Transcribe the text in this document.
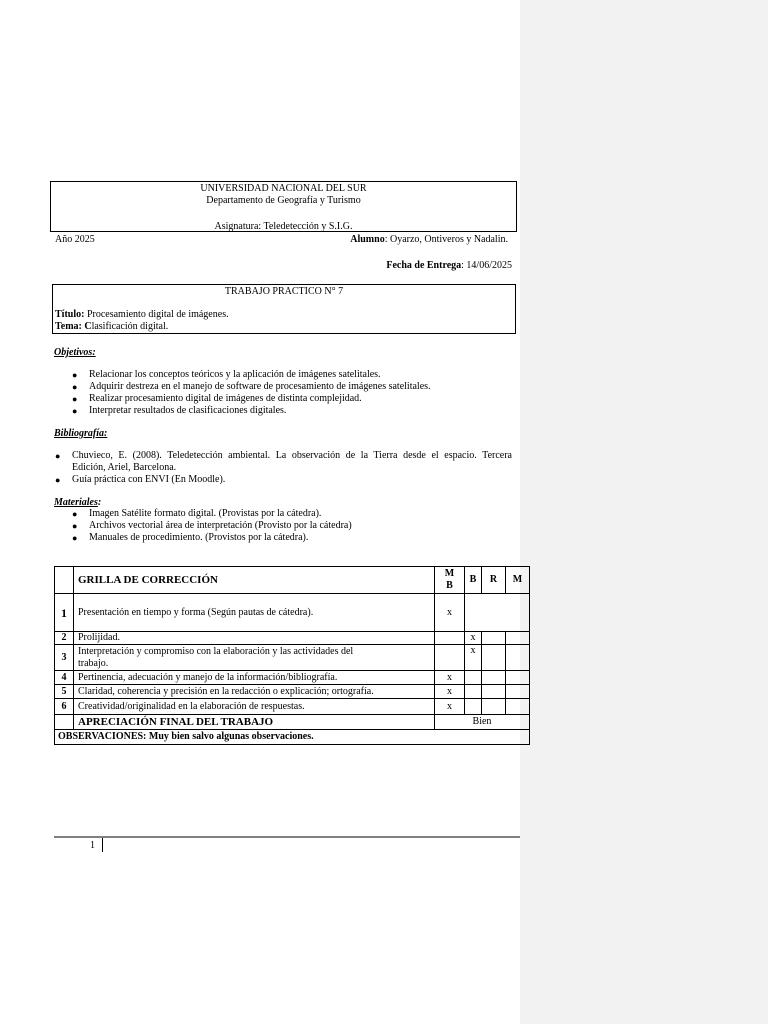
UNIVERSIDAD NACIONAL DEL SUR
Departamento de Geografía y Turismo
Asignatura: Teledetección y S.I.G.
Año 2025	Alumno: Oyarzo, Ontiveros y Nadalin.
Fecha de Entrega: 14/06/2025
TRABAJO PRACTICO N° 7
Título: Procesamiento digital de imágenes.
Tema: Clasificación digital.
Objetivos:
● Relacionar los conceptos teóricos y la aplicación de imágenes satelitales.
● Adquirir destreza en el manejo de software de procesamiento de imágenes satelitales.
● Realizar procesamiento digital de imágenes de distinta complejidad.
● Interpretar resultados de clasificaciones digitales.
Bibliografía:
● Chuvieco, E. (2008). Teledetección ambiental. La observación de la Tierra desde el espacio. Tercera
Edición, Ariel, Barcelona.
● Guía práctica con ENVI (En Moodle).
Materiales:
● Imagen Satélite formato digital. (Provistas por la cátedra).
● Archivos vectorial área de interpretación (Provisto por la cátedra)
● Manuales de procedimiento. (Provistos por la cátedra).
	GRILLA DE CORRECCIÓN	M
B	B	R	M
1	Presentación en tiempo y forma (Según pautas de cátedra).	x			
2	Prolijidad.		x		
3	Interpretación y compromiso con la elaboración y las actividades del
trabajo.		x		
4	Pertinencia, adecuación y manejo de la información/bibliografía.	x			
5	Claridad, coherencia y precisión en la redacción o explicación; ortografía.	x			
6	Creatividad/originalidad en la elaboración de respuestas.	x			
	APRECIACIÓN FINAL DEL TRABAJO	Bien			
OBSERVACIONES: Muy bien salvo algunas observaciones.					
1
